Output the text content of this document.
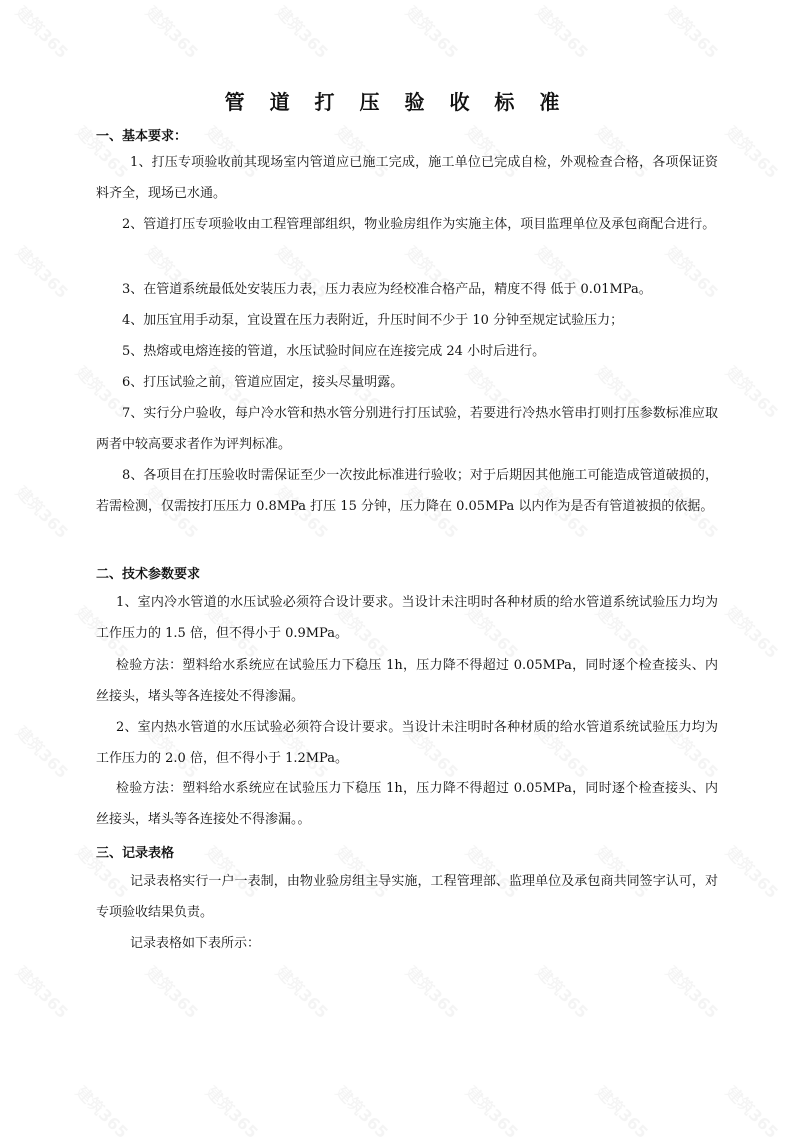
管 道 打 压 验 收 标 准

一、基本要求：

1、打压专项验收前其现场室内管道应已施工完成，施工单位已完成自检，外观检查合格，各项保证资料齐全，现场已水通。

2、管道打压专项验收由工程管理部组织，物业验房组作为实施主体，项目监理单位及承包商配合进行。

3、在管道系统最低处安装压力表，压力表应为经校准合格产品，精度不得 低于 0.01MPa。

4、加压宜用手动泵，宜设置在压力表附近，升压时间不少于 10 分钟至规定试验压力；

5、热熔或电熔连接的管道，水压试验时间应在连接完成 24 小时后进行。

6、打压试验之前，管道应固定，接头尽量明露。

7、实行分户验收，每户冷水管和热水管分别进行打压试验，若要进行冷热水管串打则打压参数标准应取两者中较高要求者作为评判标准。

8、各项目在打压验收时需保证至少一次按此标准进行验收；对于后期因其他施工可能造成管道破损的，若需检测，仅需按打压压力 0.8MPa 打压 15 分钟，压力降在 0.05MPa 以内作为是否有管道被损的依据。

二、技术参数要求

1、室内冷水管道的水压试验必须符合设计要求。当设计未注明时各种材质的给水管道系统试验压力均为工作压力的 1.5 倍，但不得小于 0.9MPa。

检验方法：塑料给水系统应在试验压力下稳压 1h，压力降不得超过 0.05MPa，同时逐个检查接头、内丝接头，堵头等各连接处不得渗漏。

2、室内热水管道的水压试验必须符合设计要求。当设计未注明时各种材质的给水管道系统试验压力均为工作压力的 2.0 倍，但不得小于 1.2MPa。

检验方法：塑料给水系统应在试验压力下稳压 1h，压力降不得超过 0.05MPa，同时逐个检查接头、内丝接头，堵头等各连接处不得渗漏。。

三、记录表格

记录表格实行一户一表制，由物业验房组主导实施，工程管理部、监理单位及承包商共同签字认可，对专项验收结果负责。

记录表格如下表所示：
